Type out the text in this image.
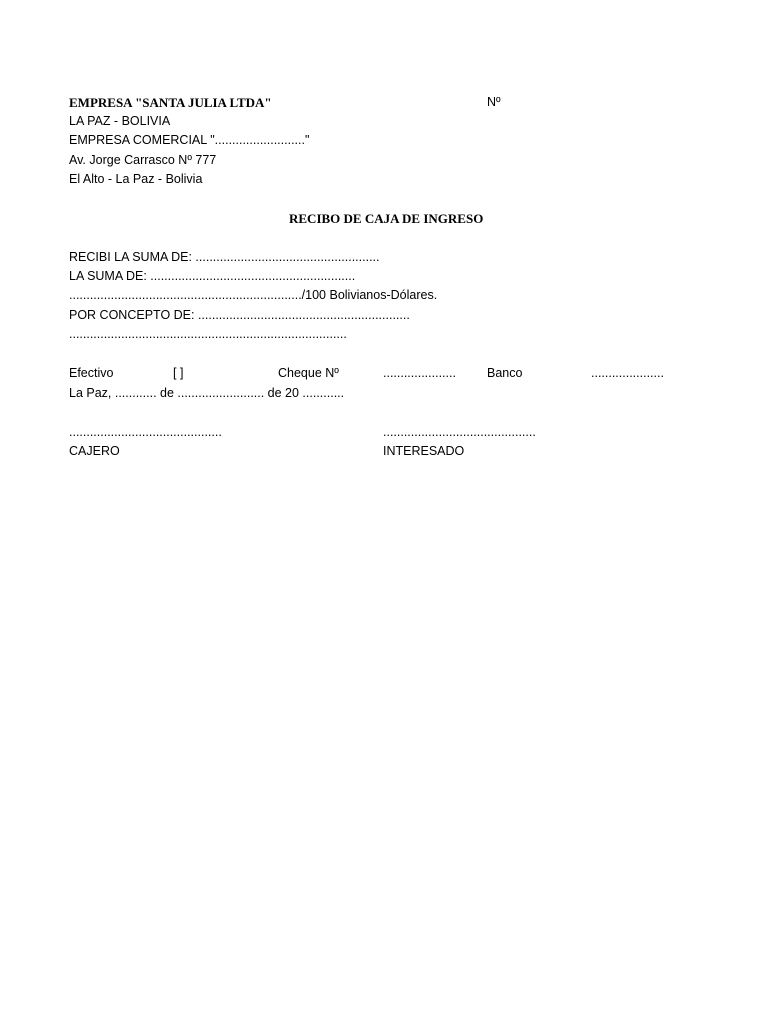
EMPRESA "SANTA JULIA LTDA"	Nº
LA PAZ - BOLIVIA
EMPRESA COMERCIAL ".........................."
Av. Jorge Carrasco Nº 777
El Alto - La Paz - Bolivia
RECIBO DE CAJA DE INGRESO
RECIBI LA SUMA DE: .....................................................
LA SUMA DE: ...........................................................
.................................................................../100 Bolivianos-Dólares.
POR CONCEPTO DE: .............................................................
................................................................................
Efectivo	[ ]	Cheque Nº	..................... Banco	.....................
La Paz, ............ de ......................... de 20 ............
............................................	............................................
CAJERO	INTERESADO
